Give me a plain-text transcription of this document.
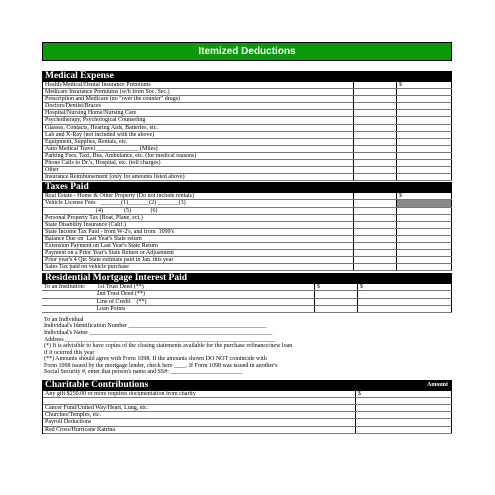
Itemized Deductions
Medical Expense
Health/Medical/Dental Insurance Premiums	$
Medicare Insurance Premiums (w/h from Soc. Sec.)
Prescription and Medicare (no "over the counter" drugs)
Doctors/Dentist/Braces
Hospital/Nursing Home/Nursing Care
Psychotherapy, Psychological Counseling
Glasses, Contacts, Hearing Aids, Batteries, etc.
Lab and X-Ray (not included with the above)
Equipment, Supplies, Rentals, etc.
Auto Medical Travel ______________ (Miles)
Parking Fees, Taxi, Bus, Ambulance, etc. (for medical reasons)
Phone Calls to Dr.'s, Hospital, etc. (toll charges)
Other
Insurance Reimbursement (only for amounts listed above)
Taxes Paid
Real Estate - Home & Other Property (Do not include rentals)	$
Vehicle License Fees   _______(1)_______(2) _______(3)
(4)              (5)             (6)
Personal Property Tax (Boat, Plane, ect.)
State Disability Insurance (Calif.)
State Income Tax Paid - from W-2's, and from  1099's
Balance Due on  Last Year's State return
Extension Payment on Last Year's State Return
Payment on a Prior Year's State Return or Adjustment
Prior year's 4 Qtr. State estimate paid in Jan. this year
Sales Tax paid on vehicle purchase
Residential Mortgage Interest Paid
To an Institution:        1st Trust Deed (**)	$	$
2nd Trust Deed (**)
Line of Credit    (**)
Loan Points
To an Individual
Individual's Identification Number ______________________________________________
Individual's Name _____________________________________________________________
Address ______________________________________________________________________
(*) It is advisible to have copies of the closing statements available for the purchase refinance/new loan
if it ocurred this year
(**) Amounts should agree with Form 1098. If the amounts shown DO NOT coinincide with
Form 1098 issued by the mortgage lender, check here ____. If Form 1098 was issued in another's
Social Security #, enter that person's name and SS#: ________________________
Charitable Contributions	Amount
Any gift $250.00 or more requires documentation from charity	$
Cancer Fund/United Way/Heart, Lung, etc.
Churches/Temples, etc.
Payroll Deductions
Red Cross/Hurricane Katrina
